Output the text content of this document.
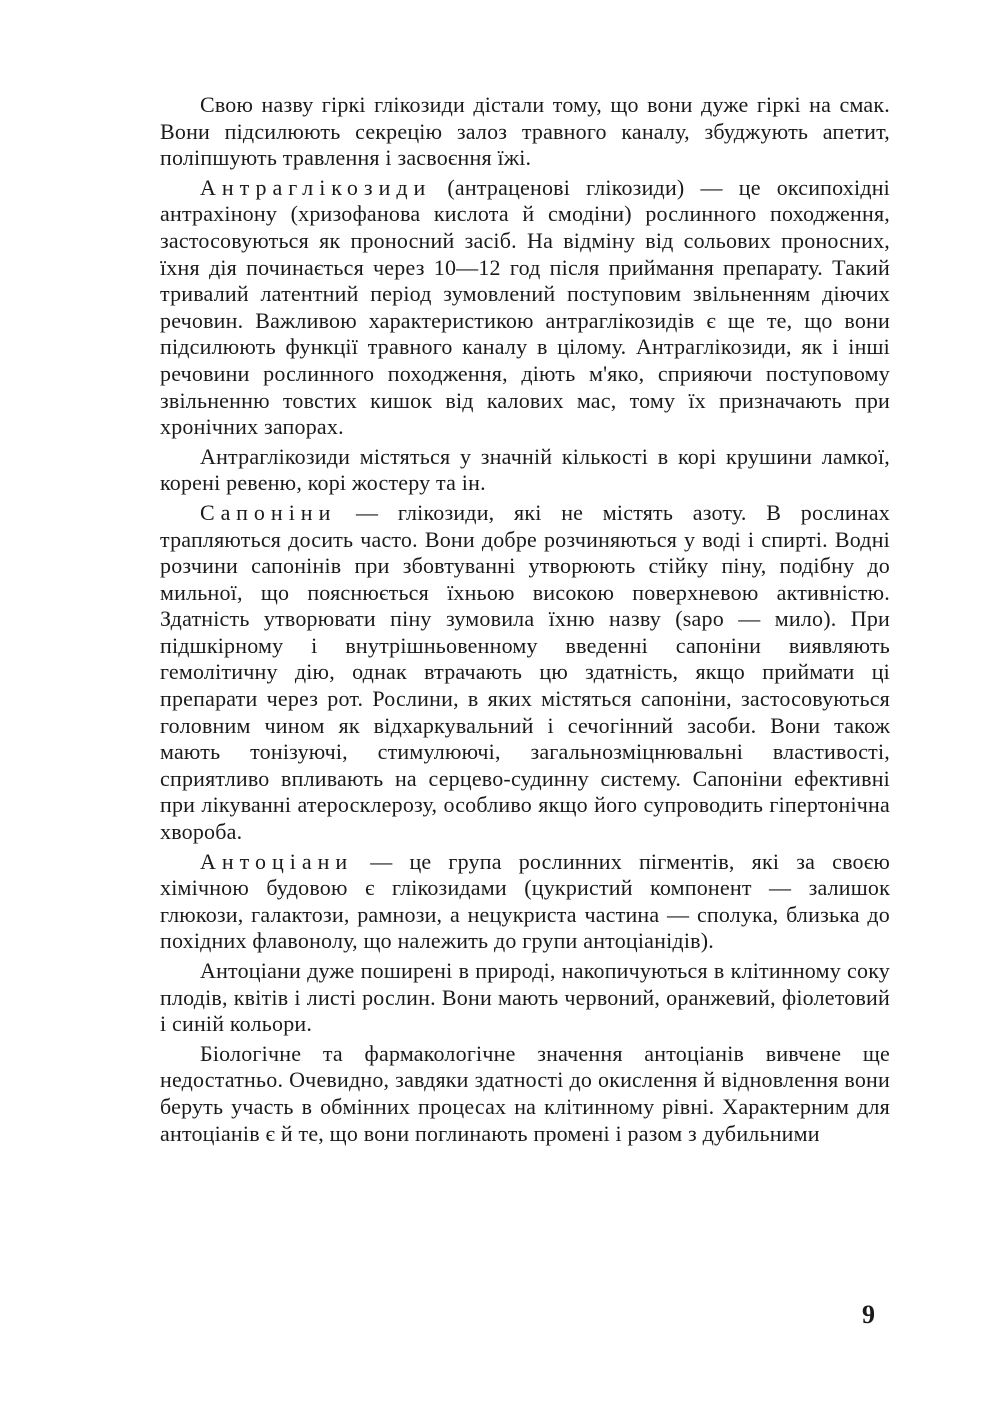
Свою назву гіркі глікозиди дістали тому, що вони дуже гіркі на смак. Вони підсилюють секрецію залоз травного каналу, збуджують апетит, поліпшують травлення і засвоєння їжі.

Антраглікозиди (антраценові глікозиди) — це оксипохідні антрахінону (хризофанова кислота й смодіни) рослинного походження, застосовуються як проносний засіб. На відміну від сольових проносних, їхня дія починається через 10—12 год після приймання препарату. Такий тривалий латентний період зумовлений поступовим звільненням діючих речовин. Важливою характеристикою антраглікозидів є ще те, що вони підсилюють функції травного каналу в цілому. Антраглікозиди, як і інші речовини рослинного походження, діють м'яко, сприяючи поступовому звільненню товстих кишок від калових мас, тому їх призначають при хронічних запорах.

Антраглікозиди містяться у значній кількості в корі крушини ламкої, корені ревеню, корі жостеру та ін.

Сапоніни — глікозиди, які не містять азоту. В рослинах трапляються досить часто. Вони добре розчиняються у воді і спирті. Водні розчини сапонінів при збовтуванні утворюють стійку піну, подібну до мильної, що пояснюється їхньою високою поверхневою активністю. Здатність утворювати піну зумовила їхню назву (sapo — мило). При підшкірному і внутрішньовенному введенні сапоніни виявляють гемолітичну дію, однак втрачають цю здатність, якщо приймати ці препарати через рот. Рослини, в яких містяться сапоніни, застосовуються головним чином як відхаркувальний і сечогінний засоби. Вони також мають тонізуючі, стимулюючі, загальнозміцнювальні властивості, сприятливо впливають на серцево-судинну систему. Сапоніни ефективні при лікуванні атеросклерозу, особливо якщо його супроводить гіпертонічна хвороба.

Антоціани — це група рослинних пігментів, які за своєю хімічною будовою є глікозидами (цукристий компонент — залишок глюкози, галактози, рамнози, а нецукриста частина — сполука, близька до похідних флавонолу, що належить до групи антоціанідів).

Антоціани дуже поширені в природі, накопичуються в клітинному соку плодів, квітів і листі рослин. Вони мають червоний, оранжевий, фіолетовий і синій кольори.

Біологічне та фармакологічне значення антоціанів вивчене ще недостатньо. Очевидно, завдяки здатності до окислення й відновлення вони беруть участь в обмінних процесах на клітинному рівні. Характерним для антоціанів є й те, що вони поглинають промені і разом з дубильними

9
